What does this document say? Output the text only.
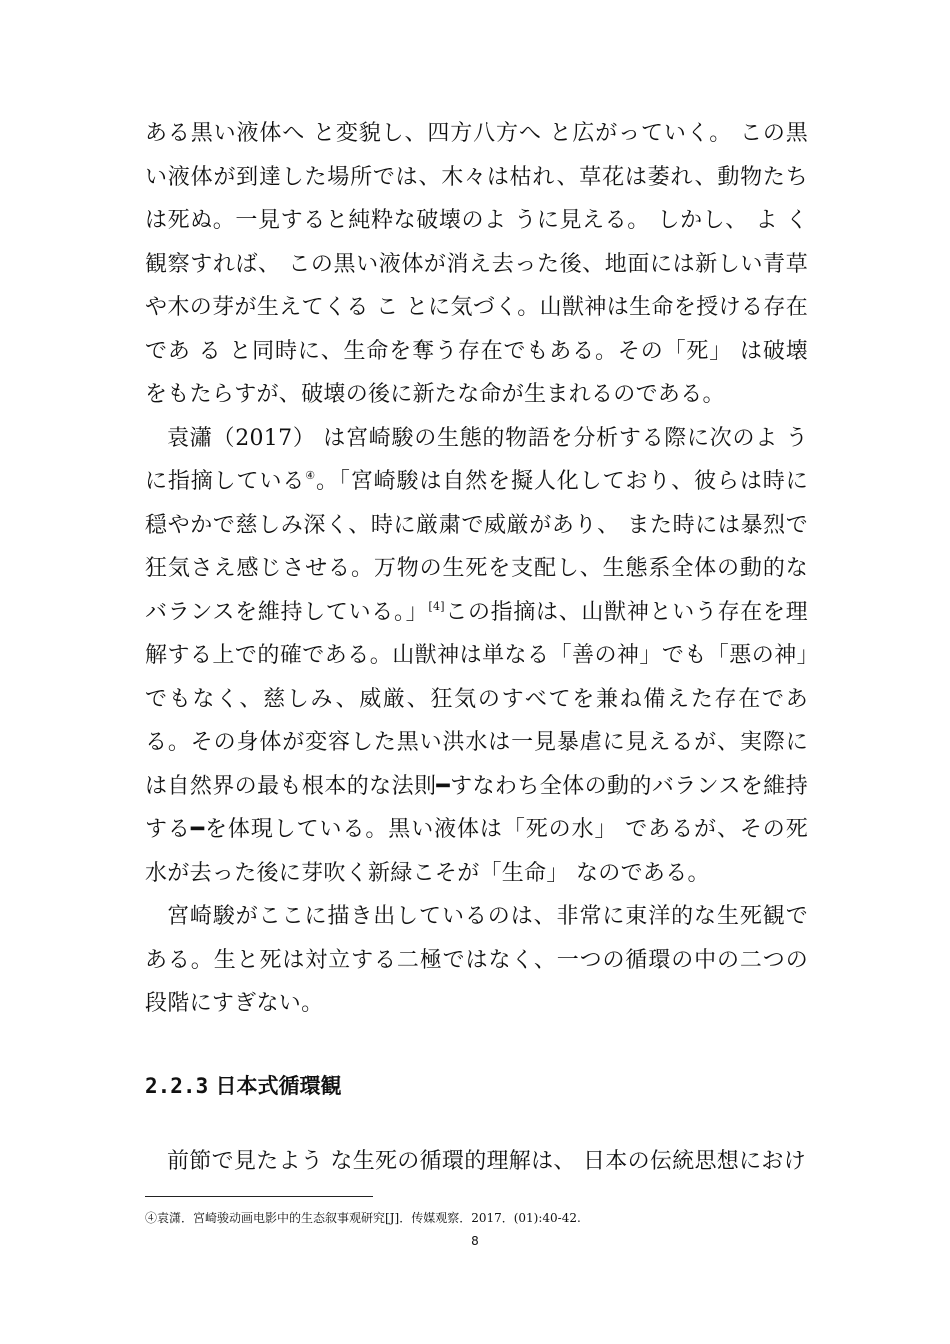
ある黒い液体へ と変貌し、四方八方へ と広がっていく。 この黒い液体が到達した場所では、木々は枯れ、草花は萎れ、動物たちは死ぬ。一見すると純粋な破壊のよ うに見える。 しかし、 よ く観察すれば、 この黒い液体が消え去った後、地面には新しい青草や木の芽が生えてくる こ とに気づく。山獣神は生命を授ける存在であ る と同時に、生命を奪う存在でもある。その「死」 は破壊をもたらすが、破壊の後に新たな命が生まれるのである。

袁瀟（2017） は宮崎駿の生態的物語を分析する際に次のよ うに指摘している④。「宮崎駿は自然を擬人化しており、彼らは時に穏やかで慈しみ深く、時に厳粛で威厳があり、 また時には暴烈で狂気さえ感じさせる。万物の生死を支配し、生態系全体の動的なバランスを維持している。」[4]この指摘は、山獣神という存在を理解する上で的確である。山獣神は単なる「善の神」でも「悪の神」でもなく、慈しみ、威厳、狂気のすべてを兼ね備えた存在である。その身体が変容した黒い洪水は一見暴虐に見えるが、実際には自然界の最も根本的な法則━すなわち全体の動的バランスを維持する━を体現している。黒い液体は「死の水」 であるが、その死水が去った後に芽吹く新緑こそが「生命」 なのである。

宮崎駿がここに描き出しているのは、非常に東洋的な生死観である。生と死は対立する二極ではなく、一つの循環の中の二つの段階にすぎない。

2.2.3 日本式循環観

前節で見たよう な生死の循環的理解は、 日本の伝統思想におけ

④袁潇．宮崎骏动画电影中的生态叙事观研究[J]．传媒观察．2017．(01):40-42.
8
